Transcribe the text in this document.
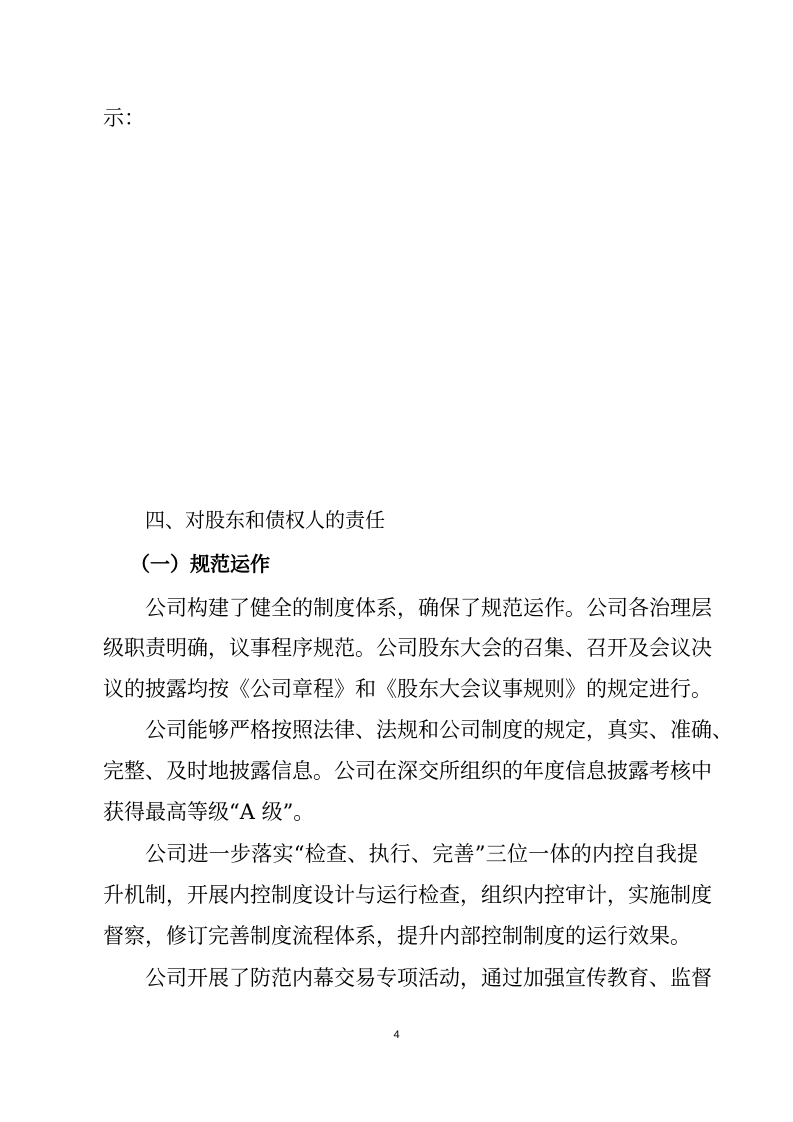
示：
四、对股东和债权人的责任
（一）规范运作
公司构建了健全的制度体系，确保了规范运作。公司各治理层
级职责明确，议事程序规范。公司股东大会的召集、召开及会议决
议的披露均按《公司章程》和《股东大会议事规则》的规定进行。
公司能够严格按照法律、法规和公司制度的规定，真实、准确、
完整、及时地披露信息。公司在深交所组织的年度信息披露考核中
获得最高等级“A 级”。
公司进一步落实“检查、执行、完善”三位一体的内控自我提
升机制，开展内控制度设计与运行检查，组织内控审计，实施制度
督察，修订完善制度流程体系，提升内部控制制度的运行效果。
公司开展了防范内幕交易专项活动，通过加强宣传教育、监督
4
